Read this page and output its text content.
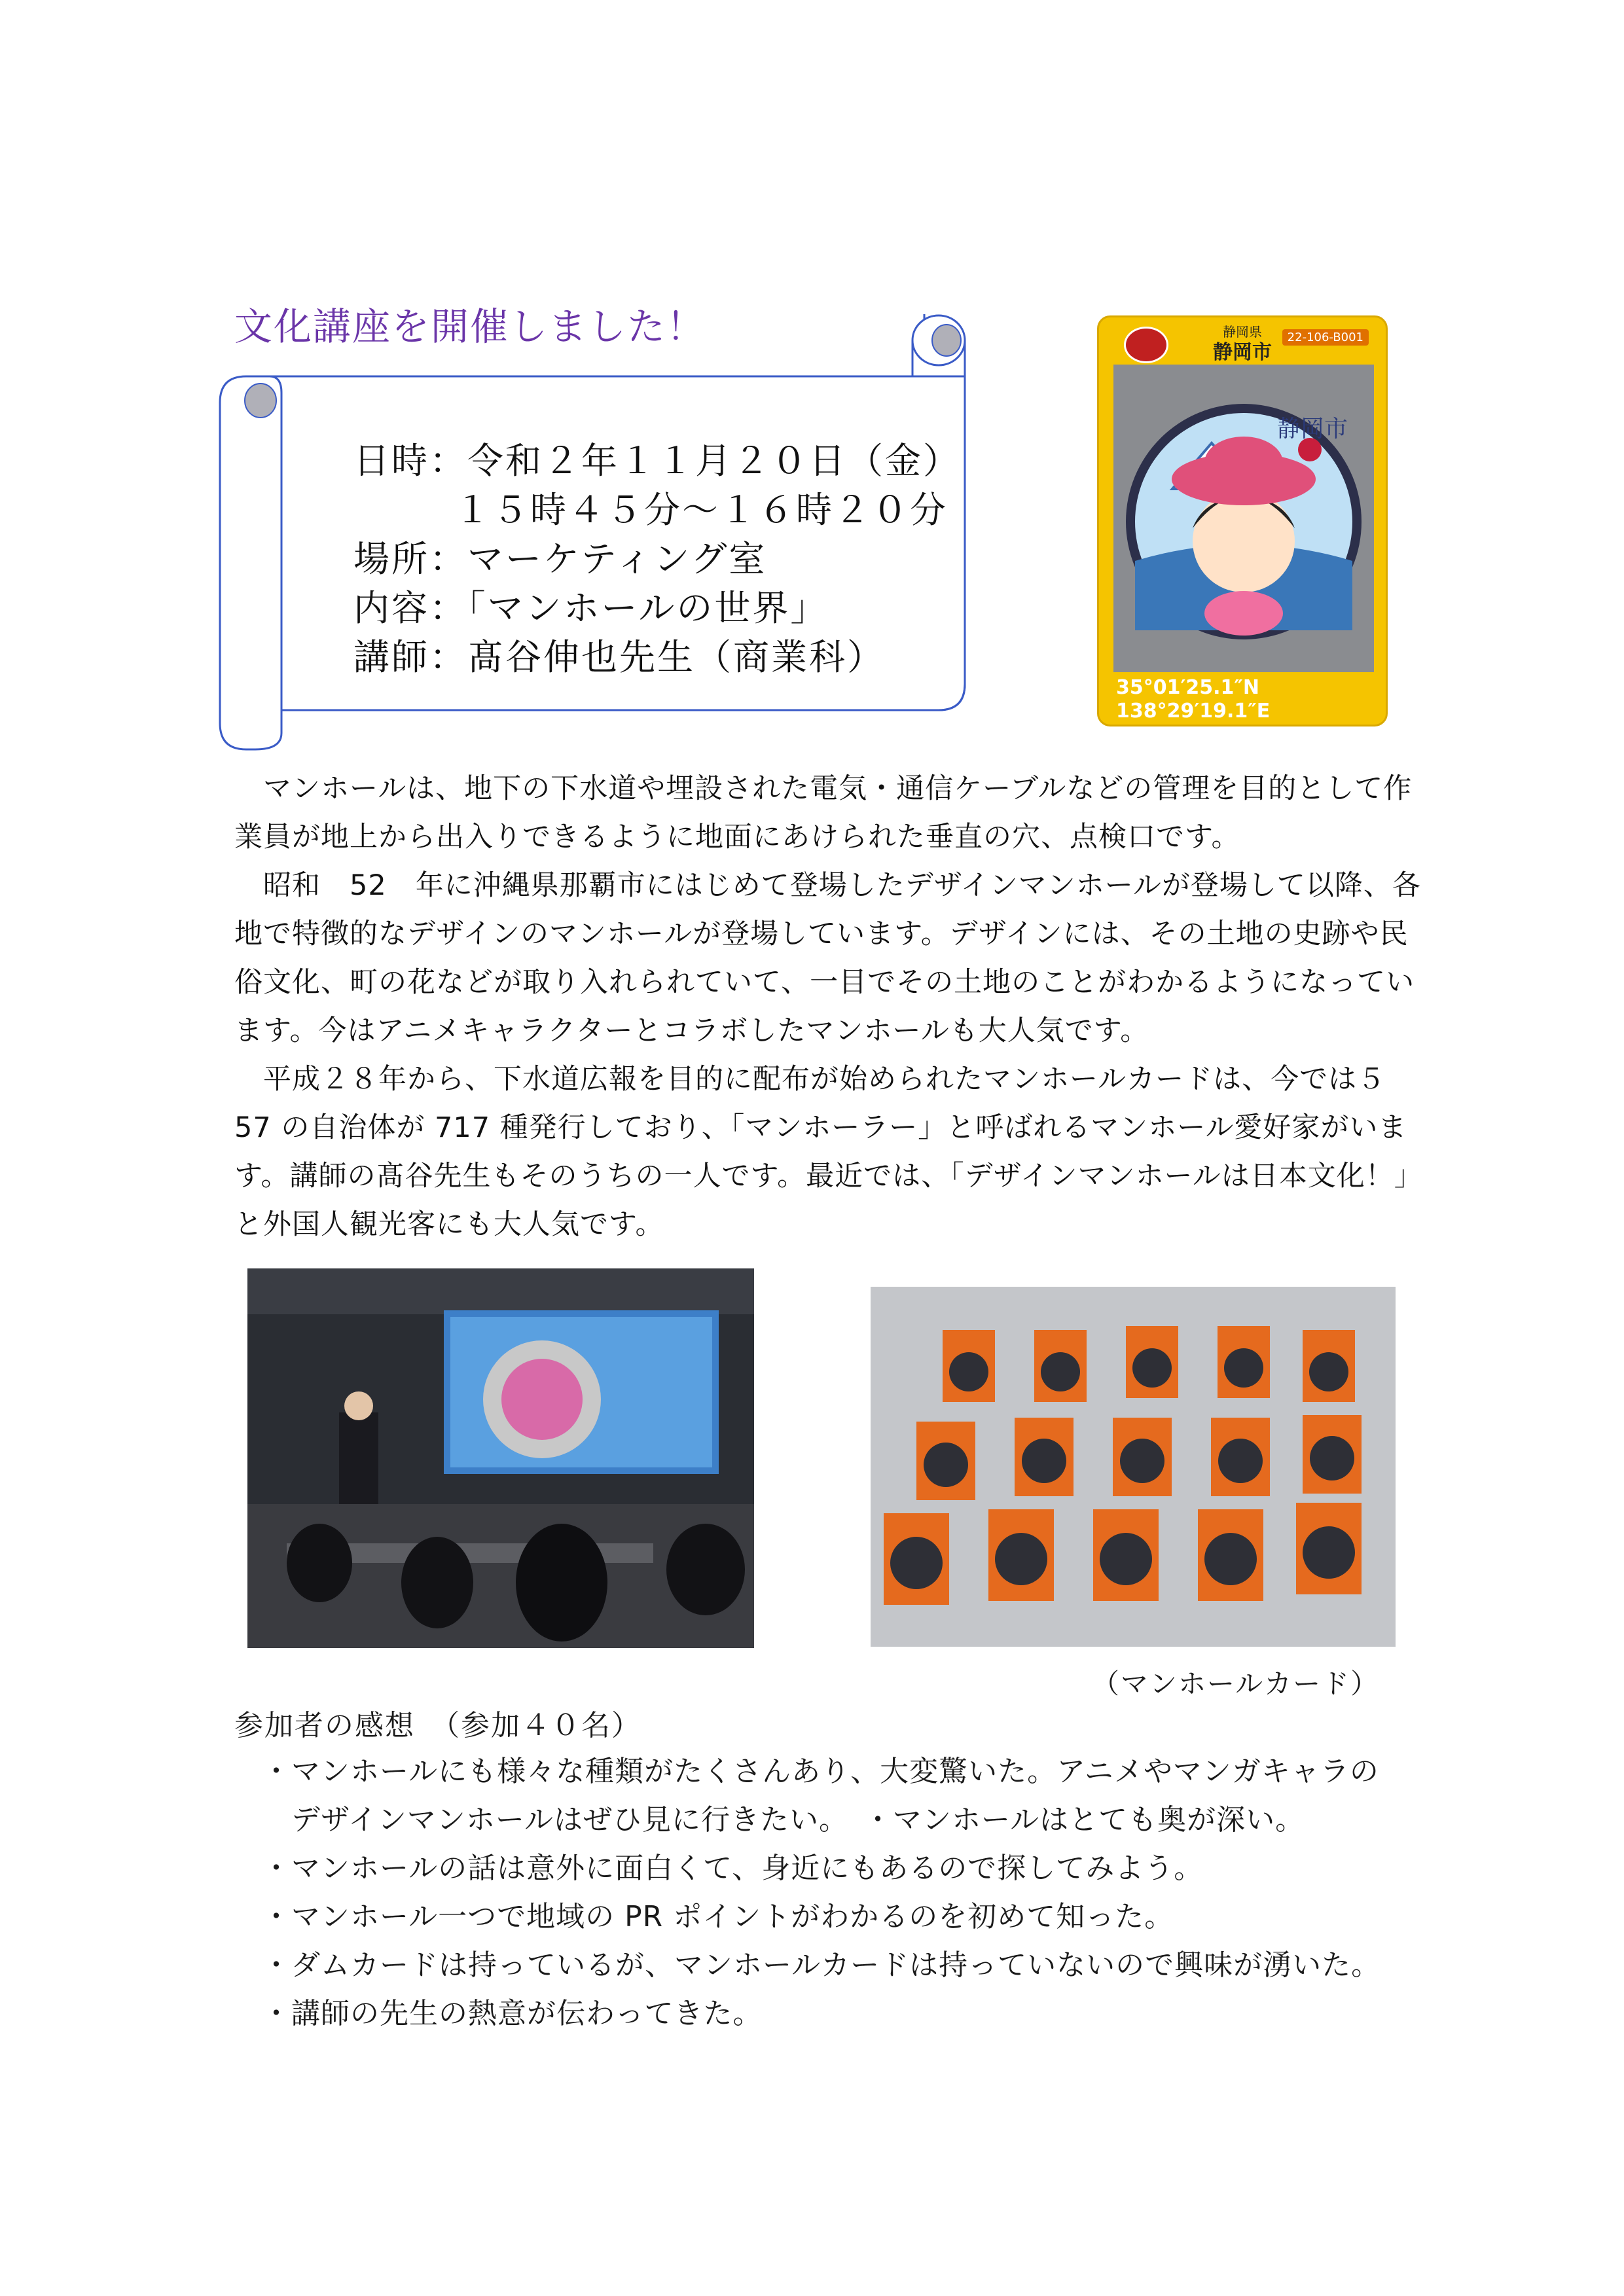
文化講座を開催しました！
日時：令和２年１１月２０日（金）
１５時４５分～１６時２０分
場所：マーケティング室
内容：「マンホールの世界」
講師：髙谷伸也先生（商業科）
静岡県
静岡市
22-106-B001
静岡市
35°01′25.1″N
138°29′19.1″E
　マンホールは、地下の下水道や埋設された電気・通信ケーブルなどの管理を目的として作
業員が地上から出入りできるように地面にあけられた垂直の穴、点検口です。
　昭和　52　年に沖縄県那覇市にはじめて登場したデザインマンホールが登場して以降、各
地で特徴的なデザインのマンホールが登場しています。デザインには、その土地の史跡や民
俗文化、町の花などが取り入れられていて、一目でその土地のことがわかるようになってい
ます。今はアニメキャラクターとコラボしたマンホールも大人気です。
　平成２８年から、下水道広報を目的に配布が始められたマンホールカードは、今では５
57 の自治体が 717 種発行しており、「マンホーラー」と呼ばれるマンホール愛好家がいま
す。講師の髙谷先生もそのうちの一人です。最近では、「デザインマンホールは日本文化！」
と外国人観光客にも大人気です。
（マンホールカード）
参加者の感想　（参加４０名）
・マンホールにも様々な種類がたくさんあり、大変驚いた。アニメやマンガキャラの
　デザインマンホールはぜひ見に行きたい。　・マンホールはとても奥が深い。
・マンホールの話は意外に面白くて、身近にもあるので探してみよう。
・マンホール一つで地域の PR ポイントがわかるのを初めて知った。
・ダムカードは持っているが、マンホールカードは持っていないので興味が湧いた。
・講師の先生の熱意が伝わってきた。
